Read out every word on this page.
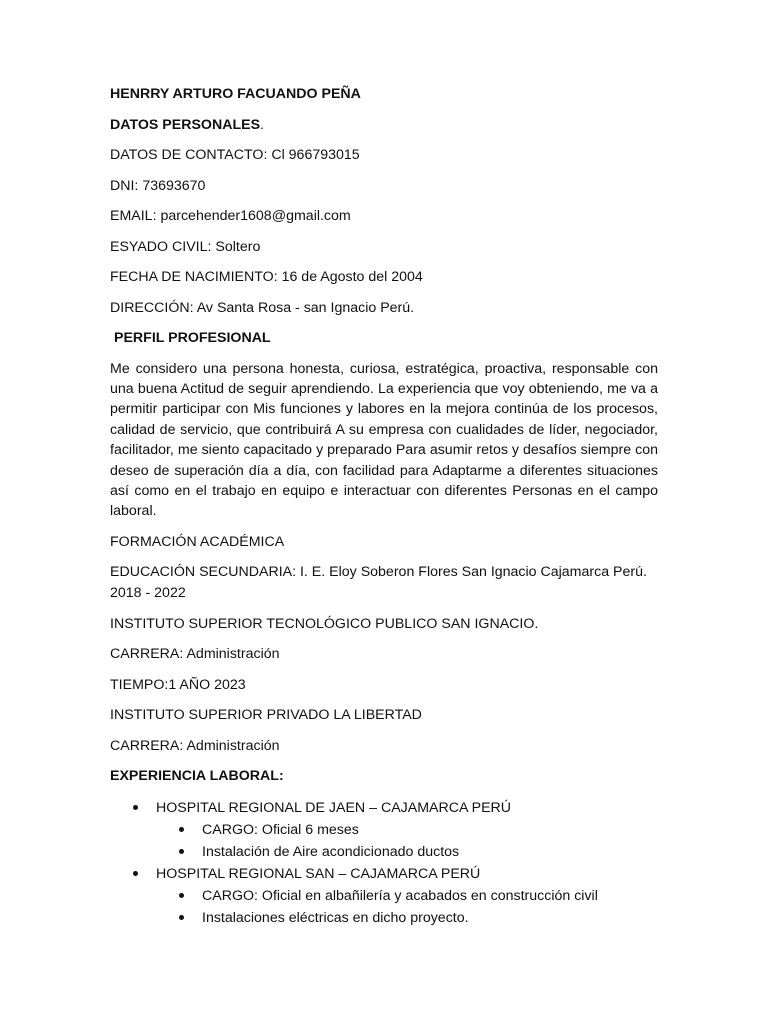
HENRRY ARTURO FACUANDO PEÑA
DATOS PERSONALES.
DATOS DE CONTACTO: Cl 966793015
DNI: 73693670
EMAIL: parcehender1608@gmail.com
ESYADO CIVIL: Soltero
FECHA DE NACIMIENTO: 16 de Agosto del 2004
DIRECCIÓN: Av Santa Rosa - san Ignacio Perú.
PERFIL PROFESIONAL

Me considero una persona honesta, curiosa, estratégica, proactiva, responsable con una buena Actitud de seguir aprendiendo. La experiencia que voy obteniendo, me va a permitir participar con Mis funciones y labores en la mejora continúa de los procesos, calidad de servicio, que contribuirá A su empresa con cualidades de líder, negociador, facilitador, me siento capacitado y preparado Para asumir retos y desafíos siempre con deseo de superación día a día, con facilidad para Adaptarme a diferentes situaciones así como en el trabajo en equipo e interactuar con diferentes Personas en el campo laboral.

FORMACIÓN ACADÉMICA
EDUCACIÓN SECUNDARIA: I. E. Eloy Soberon Flores San Ignacio Cajamarca Perú. 2018 - 2022
INSTITUTO SUPERIOR TECNOLÓGICO PUBLICO SAN IGNACIO.
CARRERA: Administración
TIEMPO:1 AÑO 2023
INSTITUTO SUPERIOR PRIVADO LA LIBERTAD
CARRERA: Administración
EXPERIENCIA LABORAL:
HOSPITAL REGIONAL DE JAEN – CAJAMARCA PERÚ
CARGO: Oficial 6 meses
Instalación de Aire acondicionado ductos
HOSPITAL REGIONAL SAN – CAJAMARCA PERÚ
CARGO: Oficial en albañilería y acabados en construcción civil
Instalaciones eléctricas en dicho proyecto.
